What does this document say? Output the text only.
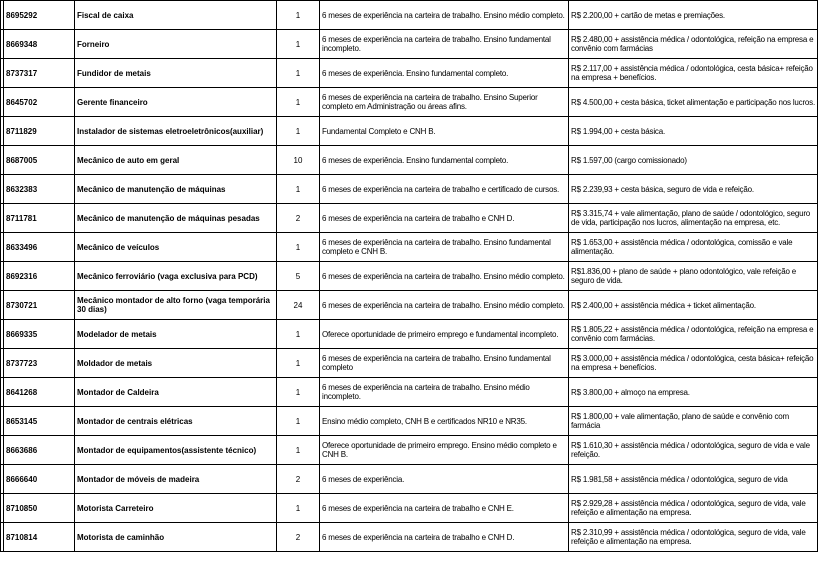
	8695292	Fiscal de caixa	1	6 meses de experiência na carteira de trabalho. Ensino médio completo.	R$ 2.200,00 + cartão de metas e premiações.
	8669348	Forneiro	1	6 meses de experiência na carteira de trabalho. Ensino fundamental incompleto.	R$ 2.480,00 + assistência médica / odontológica, refeição na empresa e convênio com farmácias
	8737317	Fundidor de metais	1	6 meses de experiência. Ensino fundamental completo.	R$ 2.117,00 + assistência médica / odontológica, cesta básica+ refeição na empresa + benefícios.
	8645702	Gerente financeiro	1	6 meses de experiência na carteira de trabalho. Ensino Superior completo em Administração ou áreas afins.	R$ 4.500,00 + cesta básica, ticket alimentação e participação nos lucros.
	8711829	Instalador de sistemas eletroeletrônicos(auxiliar)	1	Fundamental Completo e CNH B.	R$ 1.994,00 + cesta básica.
	8687005	Mecânico de auto em geral	10	6 meses de experiência. Ensino fundamental completo.	R$ 1.597,00 (cargo comissionado)
	8632383	Mecânico de manutenção de máquinas	1	6 meses de experiência na carteira de trabalho e certificado de cursos.	R$ 2.239,93 + cesta básica, seguro de vida e refeição.
	8711781	Mecânico de manutenção de máquinas pesadas	2	6 meses de experiência na carteira de trabalho e CNH D.	R$ 3.315,74 + vale alimentação, plano de saúde / odontológico, seguro de vida, participação nos lucros, alimentação na empresa, etc.
	8633496	Mecânico de veículos	1	6 meses de experiência na carteira de trabalho. Ensino fundamental completo e CNH B.	R$ 1.653,00 + assistência médica / odontológica, comissão e vale alimentação.
	8692316	Mecânico ferroviário (vaga exclusiva para PCD)	5	6 meses de experiência na carteira de trabalho. Ensino médio completo.	R$1.836,00 + plano de saúde + plano odontológico, vale refeição e seguro de vida.
	8730721	Mecânico montador de alto forno (vaga temporária 30 dias)	24	6 meses de experiência na carteira de trabalho. Ensino médio completo.	R$ 2.400,00 + assistência médica + ticket alimentação.
	8669335	Modelador de metais	1	Oferece oportunidade de primeiro emprego e fundamental incompleto.	R$ 1.805,22 + assistência médica / odontológica, refeição na empresa e convênio com farmácias.
	8737723	Moldador de metais	1	6 meses de experiência na carteira de trabalho. Ensino fundamental completo	R$ 3.000,00 + assistência médica / odontológica, cesta básica+ refeição na empresa + benefícios.
	8641268	Montador de Caldeira	1	6 meses de experiência na carteira de trabalho. Ensino médio incompleto.	R$ 3.800,00 + almoço na empresa.
	8653145	Montador de centrais elétricas	1	Ensino médio completo, CNH B e certificados NR10 e NR35.	R$ 1.800,00 + vale alimentação, plano de saúde e convênio com farmácia
	8663686	Montador de equipamentos(assistente técnico)	1	Oferece oportunidade de primeiro emprego. Ensino médio completo e CNH B.	R$ 1.610,30 + assistência médica / odontológica, seguro de vida e vale refeição.
	8666640	Montador de móveis de madeira	2	6 meses de experiência.	R$ 1.981,58 + assistência médica / odontológica, seguro de vida
	8710850	Motorista Carreteiro	1	6 meses de experiência na carteira de trabalho e CNH E.	R$ 2.929,28 + assistência médica / odontológica, seguro de vida, vale refeição e alimentação na empresa.
	8710814	Motorista de caminhão	2	6 meses de experiência na carteira de trabalho e CNH D.	R$ 2.310,99 + assistência médica / odontológica, seguro de vida, vale refeição e alimentação na empresa.
